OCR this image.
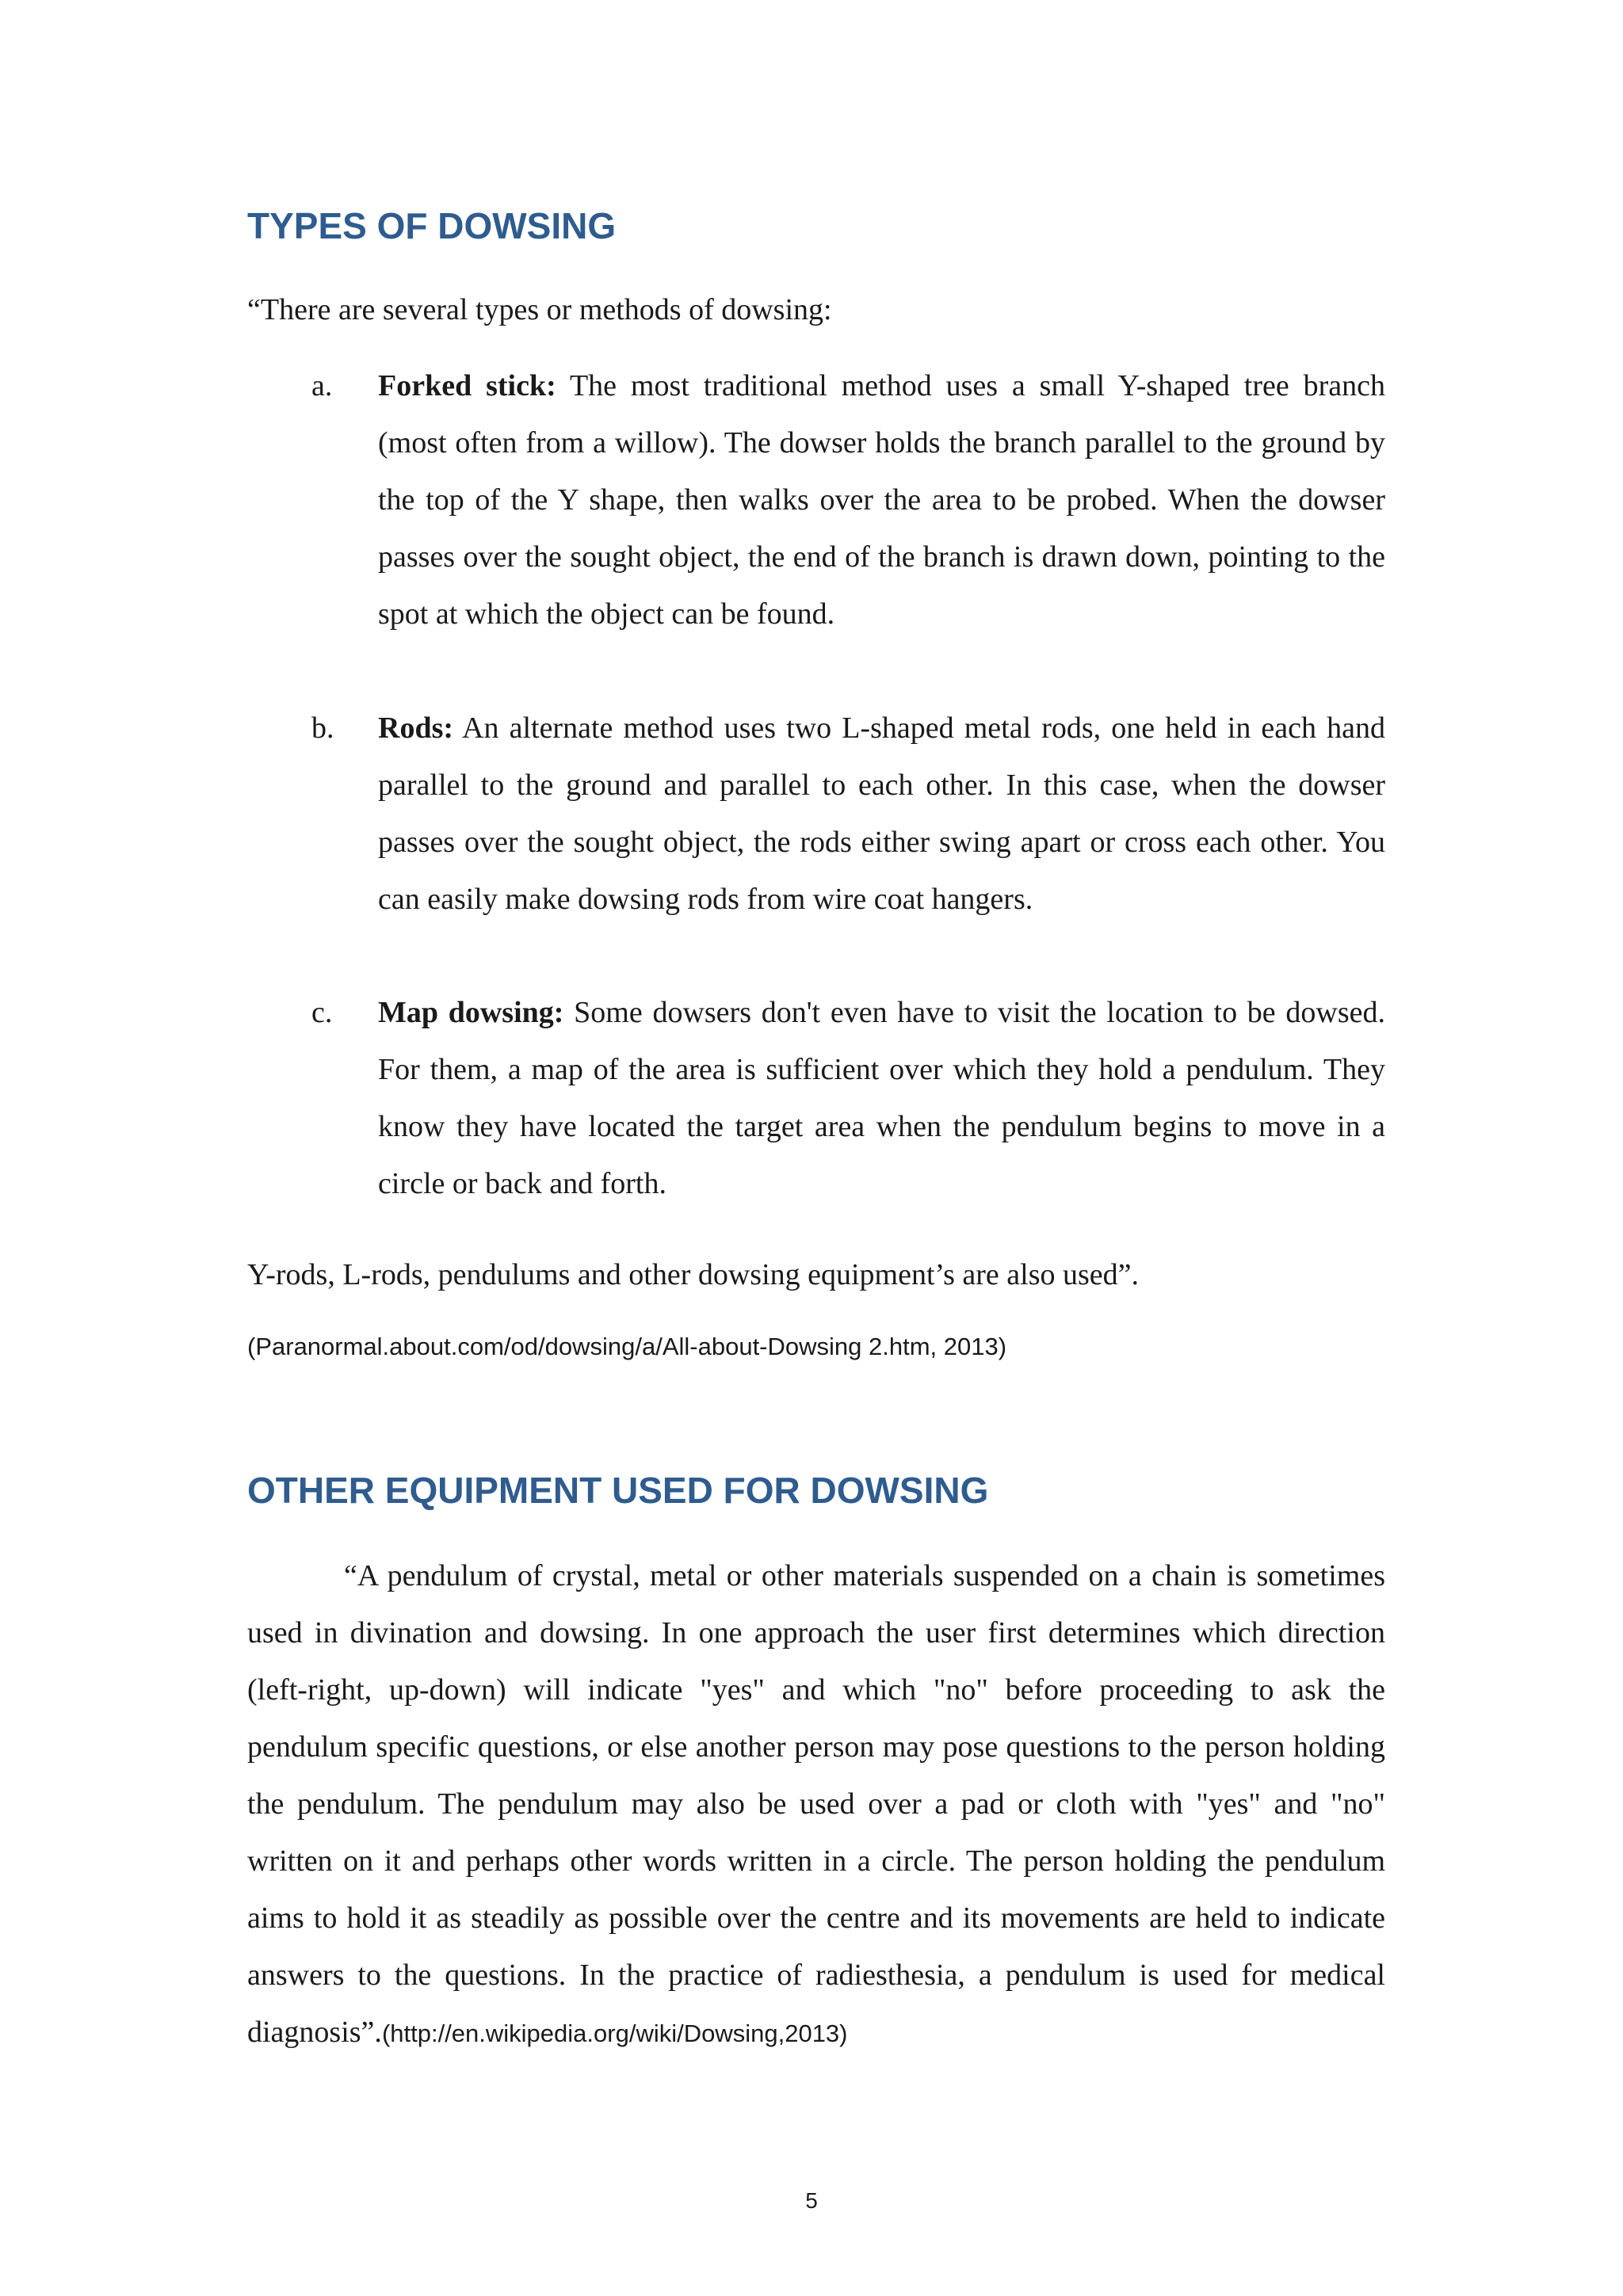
TYPES OF DOWSING

“There are several types or methods of dowsing:

a. Forked stick: The most traditional method uses a small Y-shaped tree branch (most often from a willow). The dowser holds the branch parallel to the ground by the top of the Y shape, then walks over the area to be probed. When the dowser passes over the sought object, the end of the branch is drawn down, pointing to the spot at which the object can be found.

b. Rods: An alternate method uses two L-shaped metal rods, one held in each hand parallel to the ground and parallel to each other. In this case, when the dowser passes over the sought object, the rods either swing apart or cross each other. You can easily make dowsing rods from wire coat hangers.

c. Map dowsing: Some dowsers don't even have to visit the location to be dowsed. For them, a map of the area is sufficient over which they hold a pendulum. They know they have located the target area when the pendulum begins to move in a circle or back and forth.

Y-rods, L-rods, pendulums and other dowsing equipment’s are also used”.

(Paranormal.about.com/od/dowsing/a/All-about-Dowsing 2.htm, 2013)

OTHER EQUIPMENT USED FOR DOWSING

“A pendulum of crystal, metal or other materials suspended on a chain is sometimes used in divination and dowsing. In one approach the user first determines which direction (left-right, up-down) will indicate "yes" and which "no" before proceeding to ask the pendulum specific questions, or else another person may pose questions to the person holding the pendulum. The pendulum may also be used over a pad or cloth with "yes" and "no" written on it and perhaps other words written in a circle. The person holding the pendulum aims to hold it as steadily as possible over the centre and its movements are held to indicate answers to the questions. In the practice of radiesthesia, a pendulum is used for medical diagnosis”.(http://en.wikipedia.org/wiki/Dowsing,2013)

5
